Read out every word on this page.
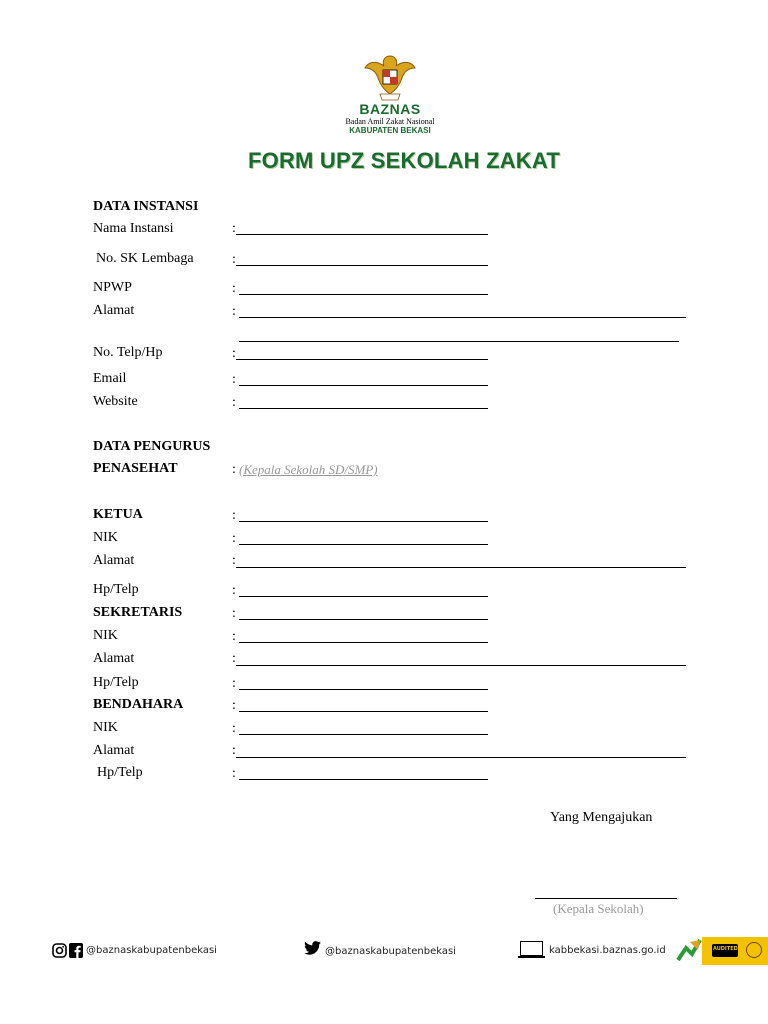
BAZNAS
Badan Amil Zakat Nasional
KABUPATEN BEKASI
FORM UPZ SEKOLAH ZAKAT
DATA INSTANSI
Nama Instansi	:
No. SK Lembaga	:
NPWP	:
Alamat	:
No. Telp/Hp	:
Email	:
Website	:
DATA PENGURUS
PENASEHAT	: (Kepala Sekolah SD/SMP)
KETUA	:
NIK	:
Alamat	:
Hp/Telp	:
SEKRETARIS	:
NIK	:
Alamat	:
Hp/Telp	:
BENDAHARA	:
NIK	:
Alamat	:
Hp/Telp	:
Yang Mengajukan
(Kepala Sekolah)
@baznaskabupatenbekasi	@baznaskabupatenbekasi	kabbekasi.baznas.go.id	AUDITED
